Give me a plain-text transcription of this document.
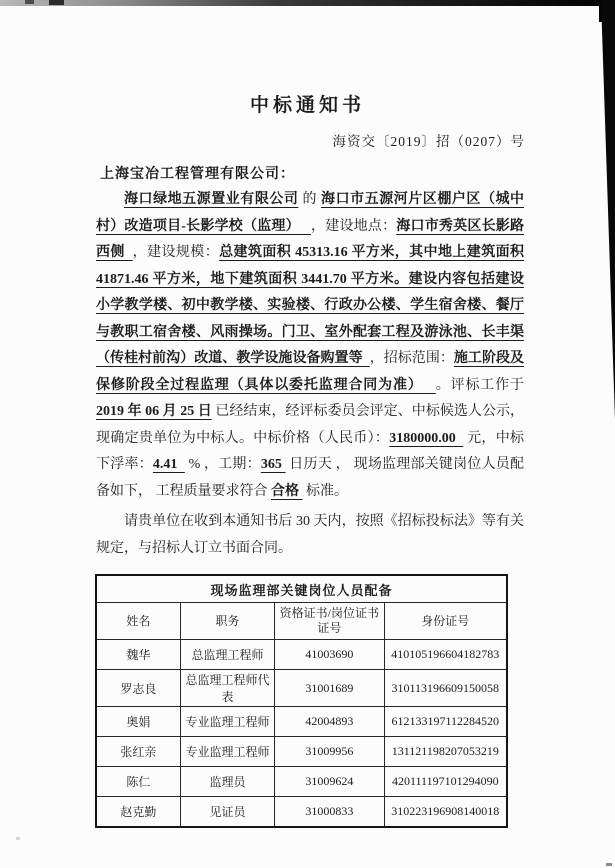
中标通知书
海资交〔2019〕招（0207）号
上海宝冶工程管理有限公司：

海口绿地五源置业有限公司 的 海口市五源河片区棚户区（城中村）改造项目-长影学校（监理）   ，建设地点：海口市秀英区长影路西侧  ，建设规模：总建筑面积 45313.16 平方米，其中地上建筑面积 41871.46 平方米，地下建筑面积 3441.70 平方米。建设内容包括建设小学教学楼、初中教学楼、实验楼、行政办公楼、学生宿舍楼、餐厅与教职工宿舍楼、风雨操场。门卫、室外配套工程及游泳池、长丰渠（传桂村前沟）改道、教学设施设备购置等  ，招标范围：施工阶段及保修阶段全过程监理（具体以委托监理合同为准）   。评标工作于 2019 年 06 月 25 日 已经结束，经评标委员会评定、中标候选人公示，现确定贵单位为中标人。中标价格（人民币）：3180000.00   元，中标下浮率：4.41   % ，工期：365  日历天 ， 现场监理部关键岗位人员配备如下， 工程质量要求符合 合格  标准。

请贵单位在收到本通知书后 30 天内，按照《招标投标法》等有关规定，与招标人订立书面合同。

现场监理部关键岗位人员配备			
姓名	职务	资格证书/岗位证书证号	身份证号
魏华	总监理工程师	41003690	410105196604182783
罗志良	总监理工程师代表	31001689	310113196609150058
奥娟	专业监理工程师	42004893	612133197112284520
张红亲	专业监理工程师	31009956	131121198207053219
陈仁	监理员	31009624	420111197101294090
赵克勤	见证员	31000833	310223196908140018
